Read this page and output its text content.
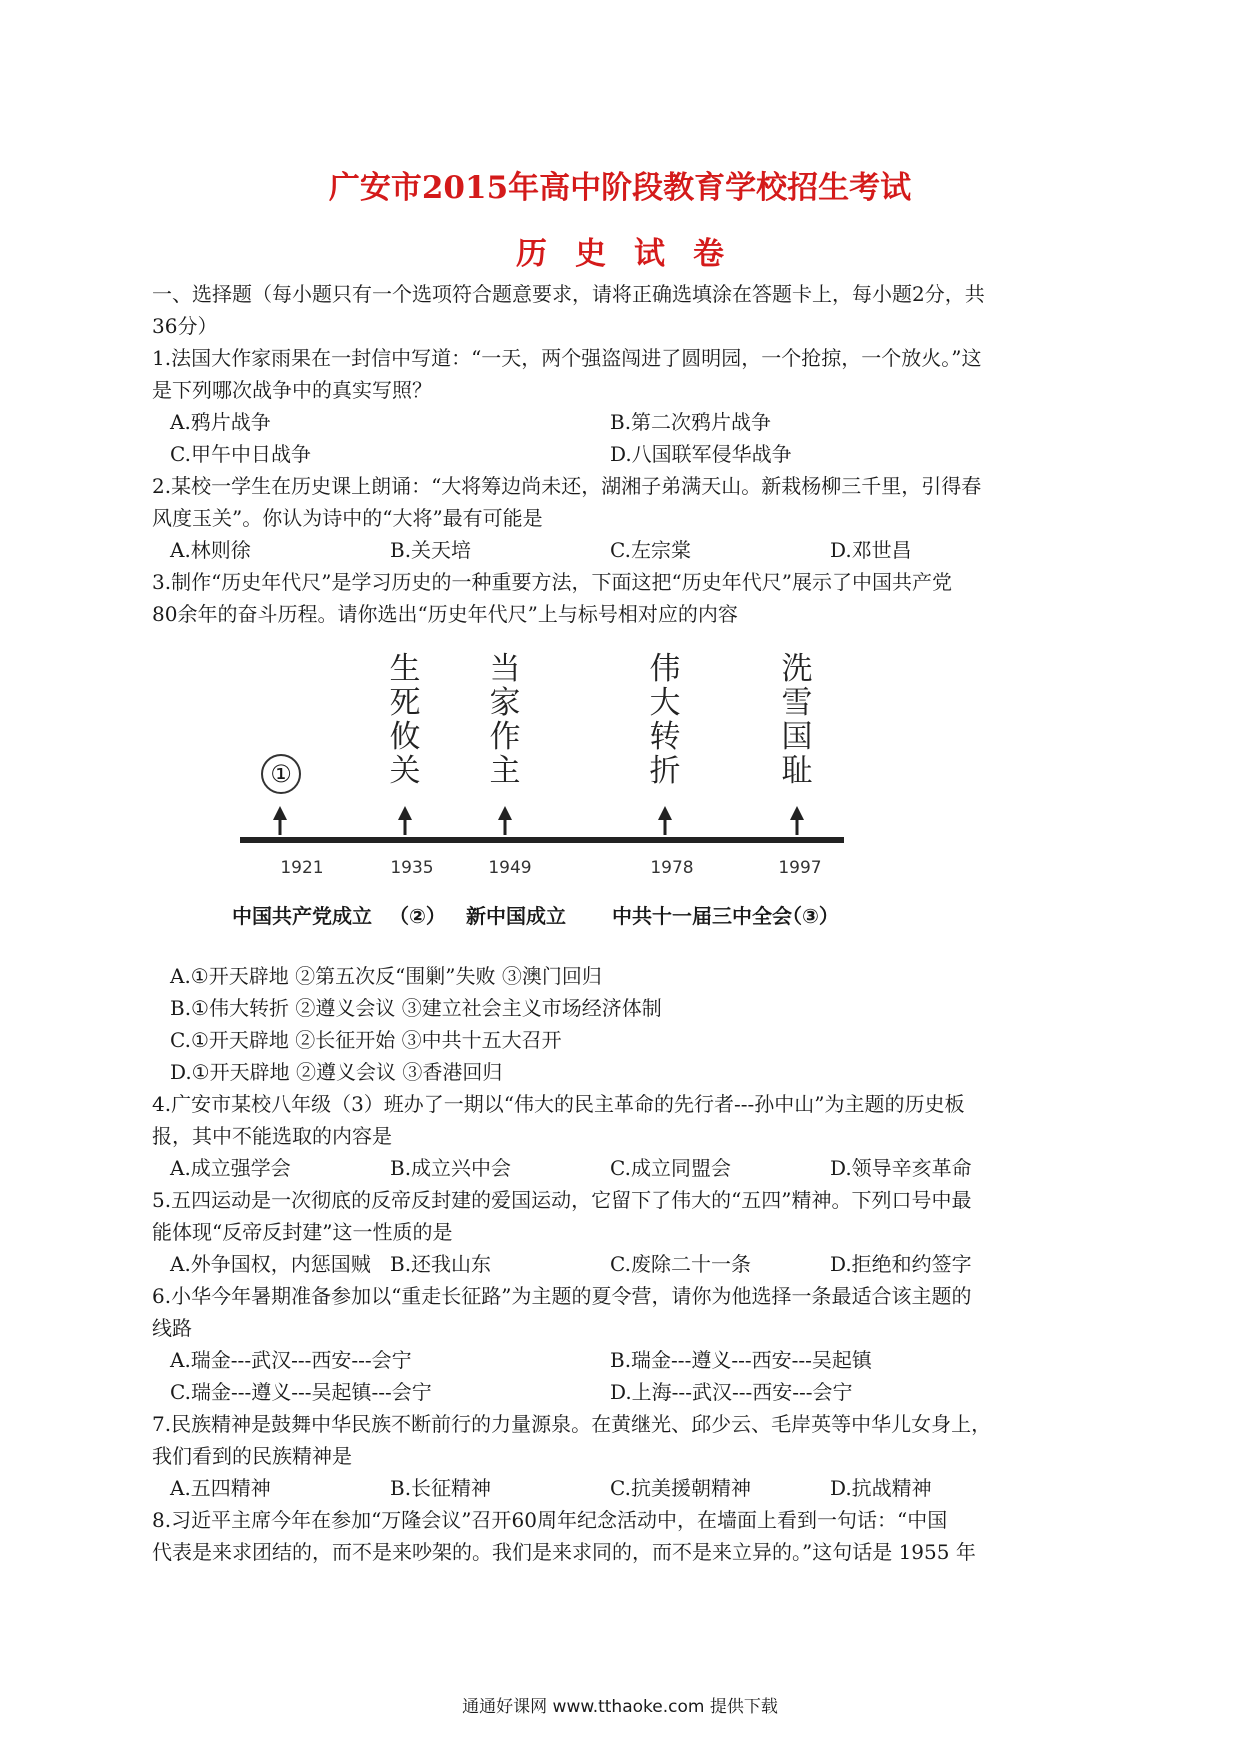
广安市2015年高中阶段教育学校招生考试
历史试卷
一、选择题（每小题只有一个选项符合题意要求，请将正确选填涂在答题卡上，每小题2分，共
36分）
1.法国大作家雨果在一封信中写道：“一天，两个强盗闯进了圆明园，一个抢掠，一个放火。”这
是下列哪次战争中的真实写照？
A.鸦片战争	B.第二次鸦片战争
C.甲午中日战争	D.八国联军侵华战争
2.某校一学生在历史课上朗诵：“大将筹边尚未还，湖湘子弟满天山。新栽杨柳三千里，引得春
风度玉关”。你认为诗中的“大将”最有可能是
A.林则徐	B.关天培	C.左宗棠	D.邓世昌
3.制作“历史年代尺”是学习历史的一种重要方法，下面这把“历史年代尺”展示了中国共产党
80余年的奋斗历程。请你选出“历史年代尺”上与标号相对应的内容
①
生死攸关
当家作主
伟大转折
洗雪国耻
1921	1935	1949	1978	1997
中国共产党成立 （②） 新中国成立 中共十一届三中全会
（③）
A.①开天辟地 ②第五次反“围剿”失败 ③澳门回归
B.①伟大转折 ②遵义会议 ③建立社会主义市场经济体制
C.①开天辟地 ②长征开始 ③中共十五大召开
D.①开天辟地 ②遵义会议 ③香港回归
4.广安市某校八年级（3）班办了一期以“伟大的民主革命的先行者---孙中山”为主题的历史板
报，其中不能选取的内容是
A.成立强学会	B.成立兴中会	C.成立同盟会	D.领导辛亥革命
5.五四运动是一次彻底的反帝反封建的爱国运动，它留下了伟大的“五四”精神。下列口号中最
能体现“反帝反封建”这一性质的是
A.外争国权，内惩国贼 B.还我山东	C.废除二十一条	D.拒绝和约签字
6.小华今年暑期准备参加以“重走长征路”为主题的夏令营，请你为他选择一条最适合该主题的
线路
A.瑞金---武汉---西安---会宁	B.瑞金---遵义---西安---吴起镇
C.瑞金---遵义---吴起镇---会宁	D.上海---武汉---西安---会宁
7.民族精神是鼓舞中华民族不断前行的力量源泉。在黄继光、邱少云、毛岸英等中华儿女身上，
我们看到的民族精神是
A.五四精神	B.长征精神	C.抗美援朝精神	D.抗战精神
8.习近平主席今年在参加“万隆会议”召开60周年纪念活动中，在墙面上看到一句话：“中国
代表是来求团结的，而不是来吵架的。我们是来求同的，而不是来立异的。”这句话是 1955 年
通通好课网 www.tthaoke.com 提供下载
